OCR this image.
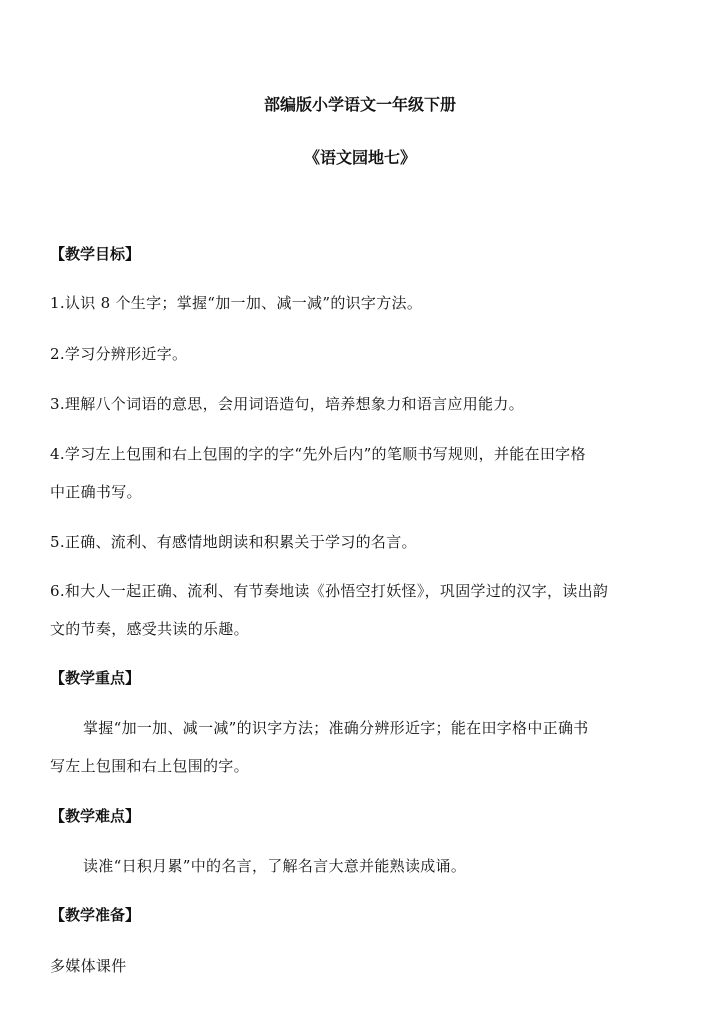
部编版小学语文一年级下册
《语文园地七》
【教学目标】
1.认识 8 个生字；掌握“加一加、减一减”的识字方法。
2.学习分辨形近字。
3.理解八个词语的意思，会用词语造句，培养想象力和语言应用能力。
4.学习左上包围和右上包围的字的字“先外后内”的笔顺书写规则，并能在田字格
中正确书写。
5.正确、流利、有感情地朗读和积累关于学习的名言。
6.和大人一起正确、流利、有节奏地读《孙悟空打妖怪》，巩固学过的汉字，读出韵
文的节奏，感受共读的乐趣。
【教学重点】
掌握“加一加、减一减”的识字方法；准确分辨形近字；能在田字格中正确书
写左上包围和右上包围的字。
【教学难点】
读准“日积月累”中的名言，了解名言大意并能熟读成诵。
【教学准备】
多媒体课件
